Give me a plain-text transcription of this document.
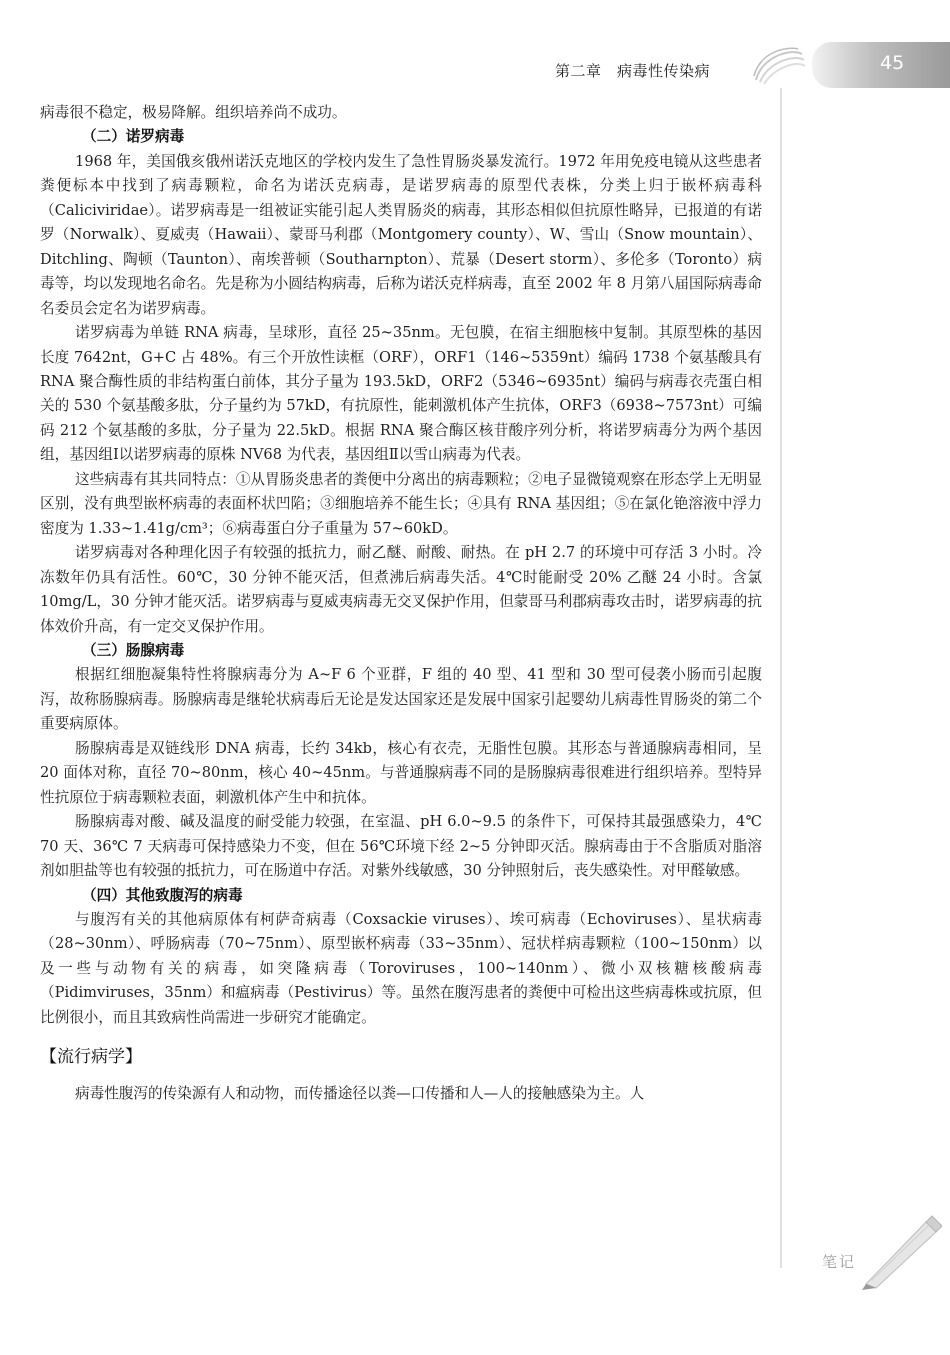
第二章　病毒性传染病	45

病毒很不稳定，极易降解。组织培养尚不成功。

（二）诺罗病毒

1968 年，美国俄亥俄州诺沃克地区的学校内发生了急性胃肠炎暴发流行。1972 年用免疫电镜从这些患者粪便标本中找到了病毒颗粒，命名为诺沃克病毒，是诺罗病毒的原型代表株，分类上归于嵌杯病毒科（Caliciviridae）。诺罗病毒是一组被证实能引起人类胃肠炎的病毒，其形态相似但抗原性略异，已报道的有诺罗（Norwalk）、夏威夷（Hawaii）、蒙哥马利郡（Montgomery county）、W、雪山（Snow mountain）、Ditchling、陶顿（Taunton）、南埃普顿（Southarnpton）、荒暴（Desert storm）、多伦多（Toronto）病毒等，均以发现地名命名。先是称为小圆结构病毒，后称为诺沃克样病毒，直至 2002 年 8 月第八届国际病毒命名委员会定名为诺罗病毒。

诺罗病毒为单链 RNA 病毒，呈球形，直径 25~35nm。无包膜，在宿主细胞核中复制。其原型株的基因长度 7642nt，G+C 占 48%。有三个开放性读框（ORF），ORF1（146~5359nt）编码 1738 个氨基酸具有 RNA 聚合酶性质的非结构蛋白前体，其分子量为 193.5kD，ORF2（5346~6935nt）编码与病毒衣壳蛋白相关的 530 个氨基酸多肽，分子量约为 57kD，有抗原性，能刺激机体产生抗体，ORF3（6938~7573nt）可编码 212 个氨基酸的多肽，分子量为 22.5kD。根据 RNA 聚合酶区核苷酸序列分析，将诺罗病毒分为两个基因组，基因组Ⅰ以诺罗病毒的原株 NV68 为代表，基因组Ⅱ以雪山病毒为代表。

这些病毒有其共同特点：①从胃肠炎患者的粪便中分离出的病毒颗粒；②电子显微镜观察在形态学上无明显区别，没有典型嵌杯病毒的表面杯状凹陷；③细胞培养不能生长；④具有 RNA 基因组；⑤在氯化铯溶液中浮力密度为 1.33~1.41g/cm³；⑥病毒蛋白分子重量为 57~60kD。

诺罗病毒对各种理化因子有较强的抵抗力，耐乙醚、耐酸、耐热。在 pH 2.7 的环境中可存活 3 小时。冷冻数年仍具有活性。60℃，30 分钟不能灭活，但煮沸后病毒失活。4℃时能耐受 20% 乙醚 24 小时。含氯 10mg/L，30 分钟才能灭活。诺罗病毒与夏威夷病毒无交叉保护作用，但蒙哥马利郡病毒攻击时，诺罗病毒的抗体效价升高，有一定交叉保护作用。

（三）肠腺病毒

根据红细胞凝集特性将腺病毒分为 A~F 6 个亚群，F 组的 40 型、41 型和 30 型可侵袭小肠而引起腹泻，故称肠腺病毒。肠腺病毒是继轮状病毒后无论是发达国家还是发展中国家引起婴幼儿病毒性胃肠炎的第二个重要病原体。

肠腺病毒是双链线形 DNA 病毒，长约 34kb，核心有衣壳，无脂性包膜。其形态与普通腺病毒相同，呈 20 面体对称，直径 70~80nm，核心 40~45nm。与普通腺病毒不同的是肠腺病毒很难进行组织培养。型特异性抗原位于病毒颗粒表面，刺激机体产生中和抗体。

肠腺病毒对酸、碱及温度的耐受能力较强，在室温、pH 6.0~9.5 的条件下，可保持其最强感染力，4℃ 70 天、36℃ 7 天病毒可保持感染力不变，但在 56℃环境下经 2~5 分钟即灭活。腺病毒由于不含脂质对脂溶剂如胆盐等也有较强的抵抗力，可在肠道中存活。对紫外线敏感，30 分钟照射后，丧失感染性。对甲醛敏感。

（四）其他致腹泻的病毒

与腹泻有关的其他病原体有柯萨奇病毒（Coxsackie viruses）、埃可病毒（Echoviruses）、星状病毒（28~30nm）、呼肠病毒（70~75nm）、原型嵌杯病毒（33~35nm）、冠状样病毒颗粒（100~150nm）以及一些与动物有关的病毒，如突隆病毒（Toroviruses，100~140nm）、微小双核糖核酸病毒（Pidimviruses，35nm）和瘟病毒（Pestivirus）等。虽然在腹泻患者的粪便中可检出这些病毒株或抗原，但比例很小，而且其致病性尚需进一步研究才能确定。

【流行病学】

病毒性腹泻的传染源有人和动物，而传播途径以粪—口传播和人—人的接触感染为主。人

笔记
